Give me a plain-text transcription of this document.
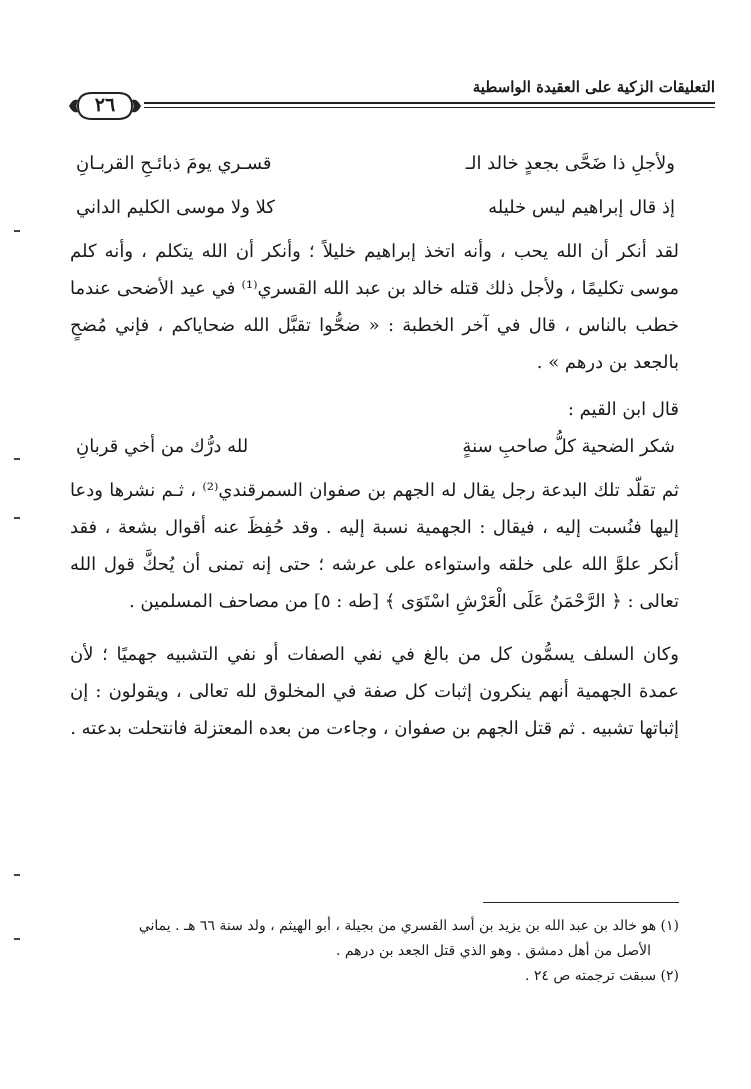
التعليقات الزكية على العقيدة الواسطية
٢٦
ولأجلِ ذا ضَحَّى بجعدٍ خالد الـ
قسـري يومَ ذبائـحِ القربـانِ
إذ قال إبراهيم ليس خليله
كلا ولا موسى الكليم الداني

لقد أنكر أن الله يحب ، وأنه اتخذ إبراهيم خليلاً ؛ وأنكر أن الله يتكلم ، وأنه كلم موسى تكليمًا ، ولأجل ذلك قتله خالد بن عبد الله القسري⁽¹⁾ في عيد الأضحى عندما خطب بالناس ، قال في آخر الخطبة : « ضحُّوا تقبَّل الله ضحاياكم ، فإني مُضحٍ بالجعد بن درهم » .

قال ابن القيم :

شكر الضحية كلُّ صاحبِ سنةٍ
لله درُّك من أخي قربانِ

ثم تقلّد تلك البدعة رجل يقال له الجهم بن صفوان السمرقندي⁽²⁾ ، ثـم نشرها ودعا إليها فنُسبت إليه ، فيقال : الجهمية نسبة إليه . وقد حُفِظَ عنه أقوال بشعة ، فقد أنكر علوَّ الله على خلقه واستواءه على عرشه ؛ حتى إنه تمنى أن يُحكَّ قول الله تعالى : ﴿ الرَّحْمَنُ عَلَى الْعَرْشِ اسْتَوَى ﴾ [طه : ٥] من مصاحف المسلمين .

وكان السلف يسمُّون كل من بالغ في نفي الصفات أو نفي التشبيه جهميًا ؛ لأن عمدة الجهمية أنهم ينكرون إثبات كل صفة في المخلوق لله تعالى ، ويقولون : إن إثباتها تشبيه . ثم قتل الجهم بن صفوان ، وجاءت من بعده المعتزلة فانتحلت بدعته .

(١) هو خالد بن عبد الله بن يزيد بن أسد القسري من بجيلة ، أبو الهيثم ، ولد سنة ٦٦ هـ . يماني

الأصل من أهل دمشق . وهو الذي قتل الجعد بن درهم .

(٢) سبقت ترجمته ص ٢٤ .
